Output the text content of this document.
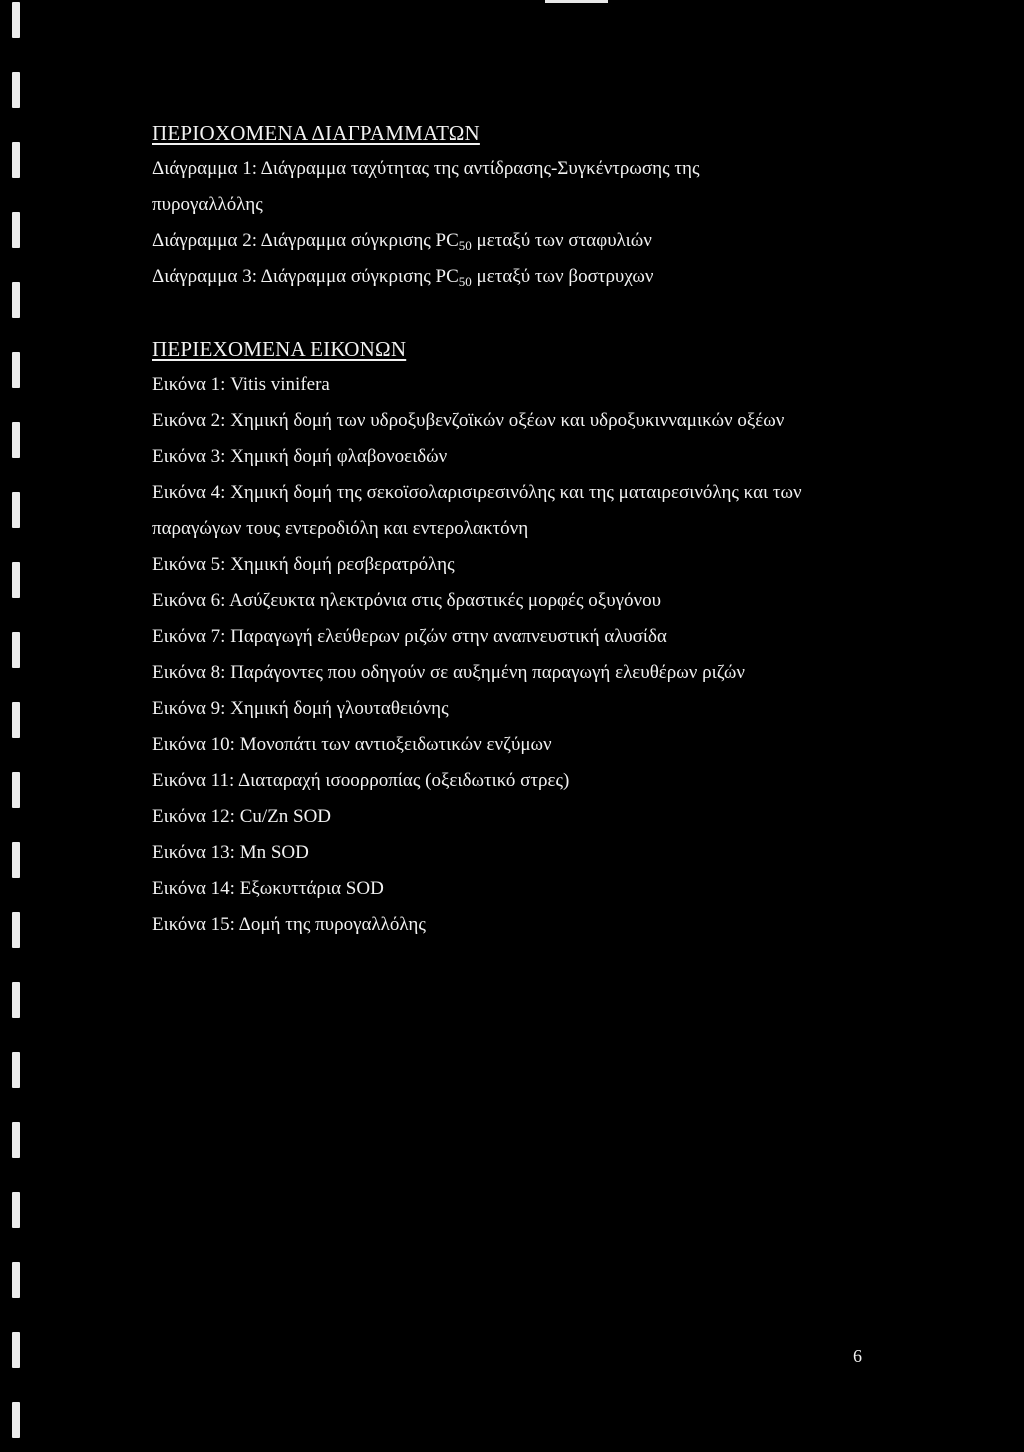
ΠΕΡΙΟΧΟΜΕΝΑ ΔΙΑΓΡΑΜΜΑΤΩΝ
Διάγραμμα 1: Διάγραμμα ταχύτητας της αντίδρασης-Συγκέντρωσης της
πυρογαλλόλης
Διάγραμμα 2: Διάγραμμα σύγκρισης $PC_{50}$ μεταξύ των σταφυλιών
Διάγραμμα 3: Διάγραμμα σύγκρισης $PC_{50}$ μεταξύ των βοστρυχων
ΠΕΡΙΕΧΟΜΕΝΑ ΕΙΚΟΝΩΝ
Εικόνα 1: Vitis vinifera
Εικόνα 2: Χημική δομή των υδροξυβενζοϊκών οξέων και υδροξυκινναμικών οξέων
Εικόνα 3: Χημική δομή φλαβονοειδών
Εικόνα 4: Χημική δομή της σεκοϊσολαρισιρεσινόλης και της ματαιρεσινόλης και των
παραγώγων τους εντεροδιόλη και εντερολακτόνη
Εικόνα 5: Χημική δομή ρεσβερατρόλης
Εικόνα 6: Ασύζευκτα ηλεκτρόνια στις δραστικές μορφές οξυγόνου
Εικόνα 7: Παραγωγή ελεύθερων ριζών στην αναπνευστική αλυσίδα
Εικόνα 8: Παράγοντες που οδηγούν σε αυξημένη παραγωγή ελευθέρων ριζών
Εικόνα 9: Χημική δομή γλουταθειόνης
Εικόνα 10: Μονοπάτι των αντιοξειδωτικών ενζύμων
Εικόνα 11: Διαταραχή ισοορροπίας (οξειδωτικό στρες)
Εικόνα 12: Cu/Zn SOD
Εικόνα 13: Mn SOD
Εικόνα 14: Εξωκυττάρια SOD
Εικόνα 15: Δομή της πυρογαλλόλης
6
